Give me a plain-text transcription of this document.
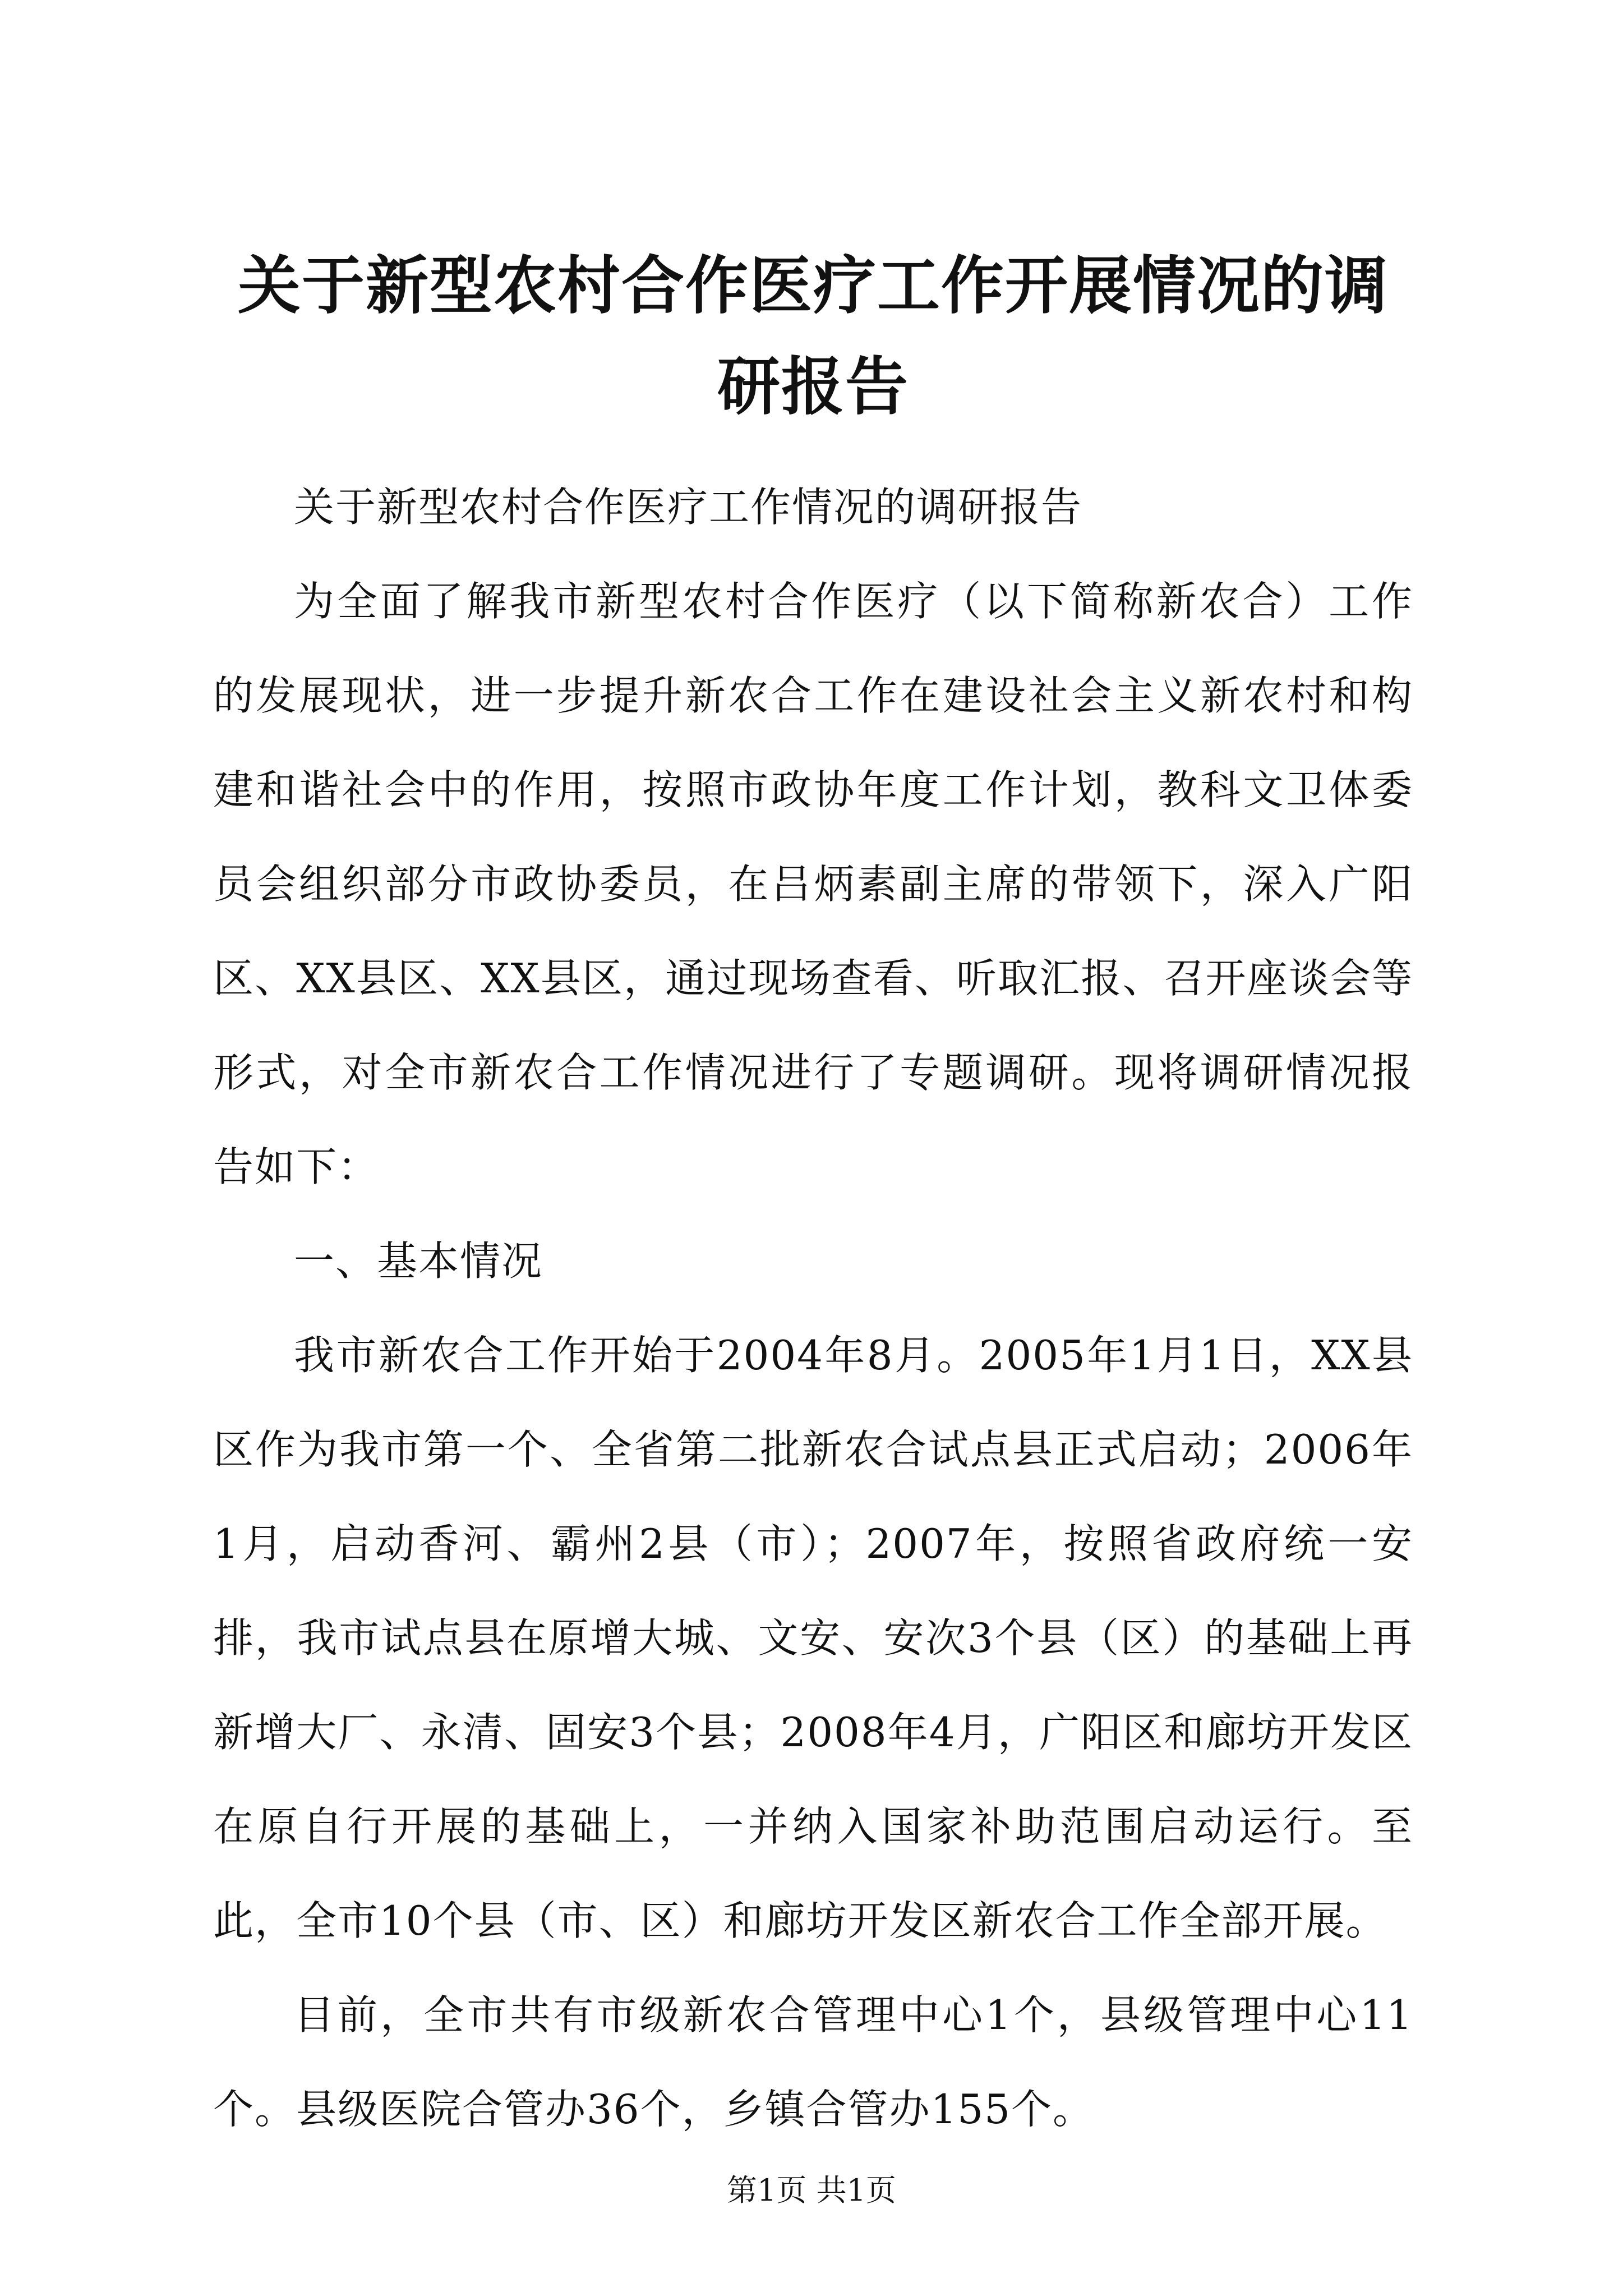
关于新型农村合作医疗工作开展情况的调研报告

关于新型农村合作医疗工作情况的调研报告

为全面了解我市新型农村合作医疗（以下简称新农合）工作的发展现状，进一步提升新农合工作在建设社会主义新农村和构建和谐社会中的作用，按照市政协年度工作计划，教科文卫体委员会组织部分市政协委员，在吕炳素副主席的带领下，深入广阳区、XX县区、XX县区，通过现场查看、听取汇报、召开座谈会等形式，对全市新农合工作情况进行了专题调研。现将调研情况报告如下：

一、基本情况

我市新农合工作开始于2004年8月。2005年1月1日，XX县区作为我市第一个、全省第二批新农合试点县正式启动；2006年1月，启动香河、霸州2县（市）；2007年，按照省政府统一安排，我市试点县在原增大城、文安、安次3个县（区）的基础上再新增大厂、永清、固安3个县；2008年4月，广阳区和廊坊开发区在原自行开展的基础上，一并纳入国家补助范围启动运行。至此，全市10个县（市、区）和廊坊开发区新农合工作全部开展。

目前，全市共有市级新农合管理中心1个，县级管理中心11个。县级医院合管办36个，乡镇合管办155个。

第1页 共1页
